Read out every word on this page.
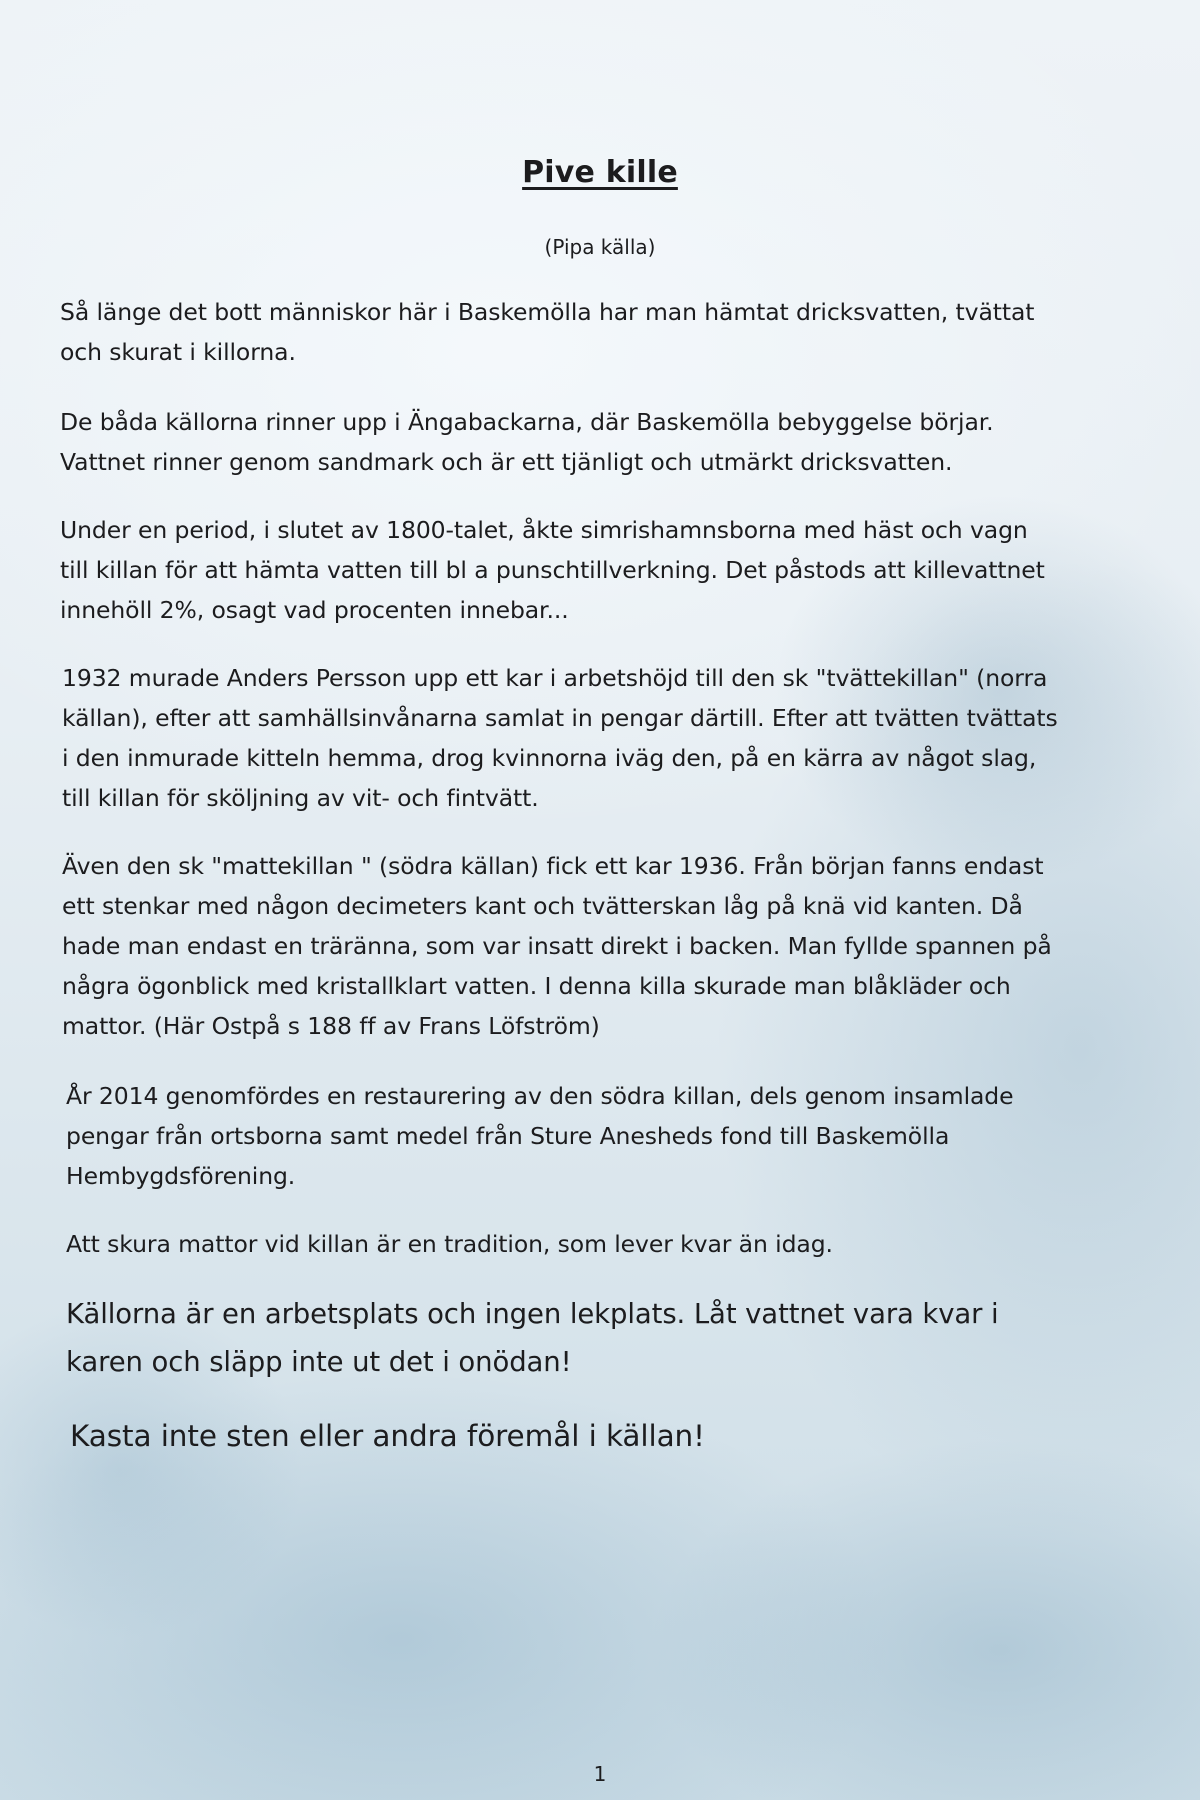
Pive kille
(Pipa källa)
Så länge det bott människor här i Baskemölla har man hämtat dricksvatten, tvättat
och skurat i killorna.
De båda källorna rinner upp i Ängabackarna, där Baskemölla bebyggelse börjar.
Vattnet rinner genom sandmark och är ett tjänligt och utmärkt dricksvatten.
Under en period, i slutet av 1800-talet, åkte simrishamnsborna med häst och vagn
till killan för att hämta vatten till bl a punschtillverkning. Det påstods att killevattnet
innehöll 2%, osagt vad procenten innebar...
1932 murade Anders Persson upp ett kar i arbetshöjd till den sk "tvättekillan" (norra
källan), efter att samhällsinvånarna samlat in pengar därtill. Efter att tvätten tvättats
i den inmurade kitteln hemma, drog kvinnorna iväg den, på en kärra av något slag,
till killan för sköljning av vit- och fintvätt.
Även den sk "mattekillan " (södra källan) fick ett kar 1936. Från början fanns endast
ett stenkar med någon decimeters kant och tvätterskan låg på knä vid kanten. Då
hade man endast en träränna, som var insatt direkt i backen. Man fyllde spannen på
några ögonblick med kristallklart vatten. I denna killa skurade man blåkläder och
mattor. (Här Ostpå s 188 ff av Frans Löfström)
År 2014 genomfördes en restaurering av den södra killan, dels genom insamlade
pengar från ortsborna samt medel från Sture Anesheds fond till Baskemölla
Hembygdsförening.
Att skura mattor vid killan är en tradition, som lever kvar än idag.
Källorna är en arbetsplats och ingen lekplats. Låt vattnet vara kvar i
karen och släpp inte ut det i onödan!
Kasta inte sten eller andra föremål i källan!
1
